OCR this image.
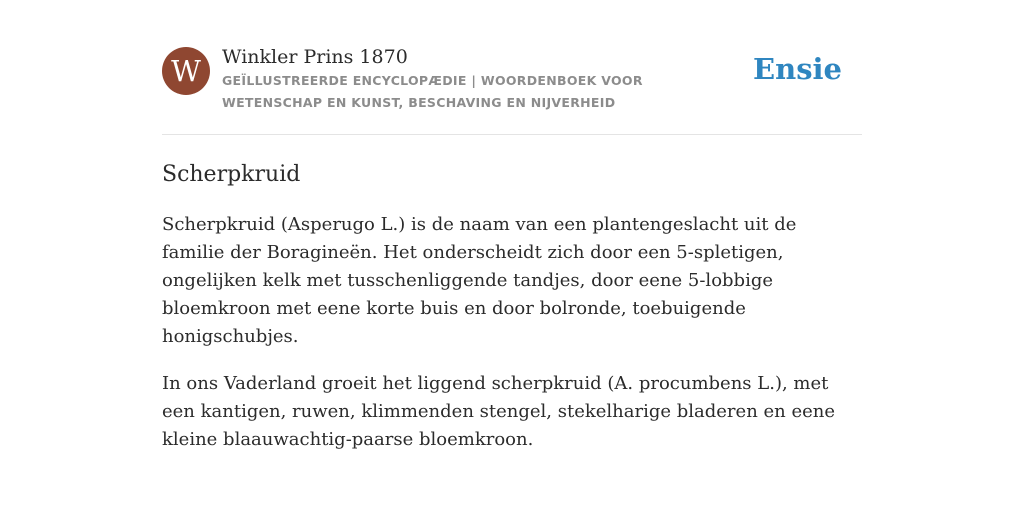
W	Winkler Prins 1870
GEÏLLUSTREERDE ENCYCLOPÆDIE | WOORDENBOEK VOOR WETENSCHAP EN KUNST, BESCHAVING EN NIJVERHEID
Ensie
Scherpkruid

Scherpkruid (Asperugo L.) is de naam van een plantengeslacht uit de familie der Boragineën. Het onderscheidt zich door een 5-spletigen, ongelijken kelk met tusschenliggende tandjes, door eene 5-lobbige bloemkroon met eene korte buis en door bolronde, toebuigende honigschubjes.

In ons Vaderland groeit het liggend scherpkruid (A. procumbens L.), met een kantigen, ruwen, klimmenden stengel, stekelharige bladeren en eene kleine blaauwachtig-paarse bloemkroon.
